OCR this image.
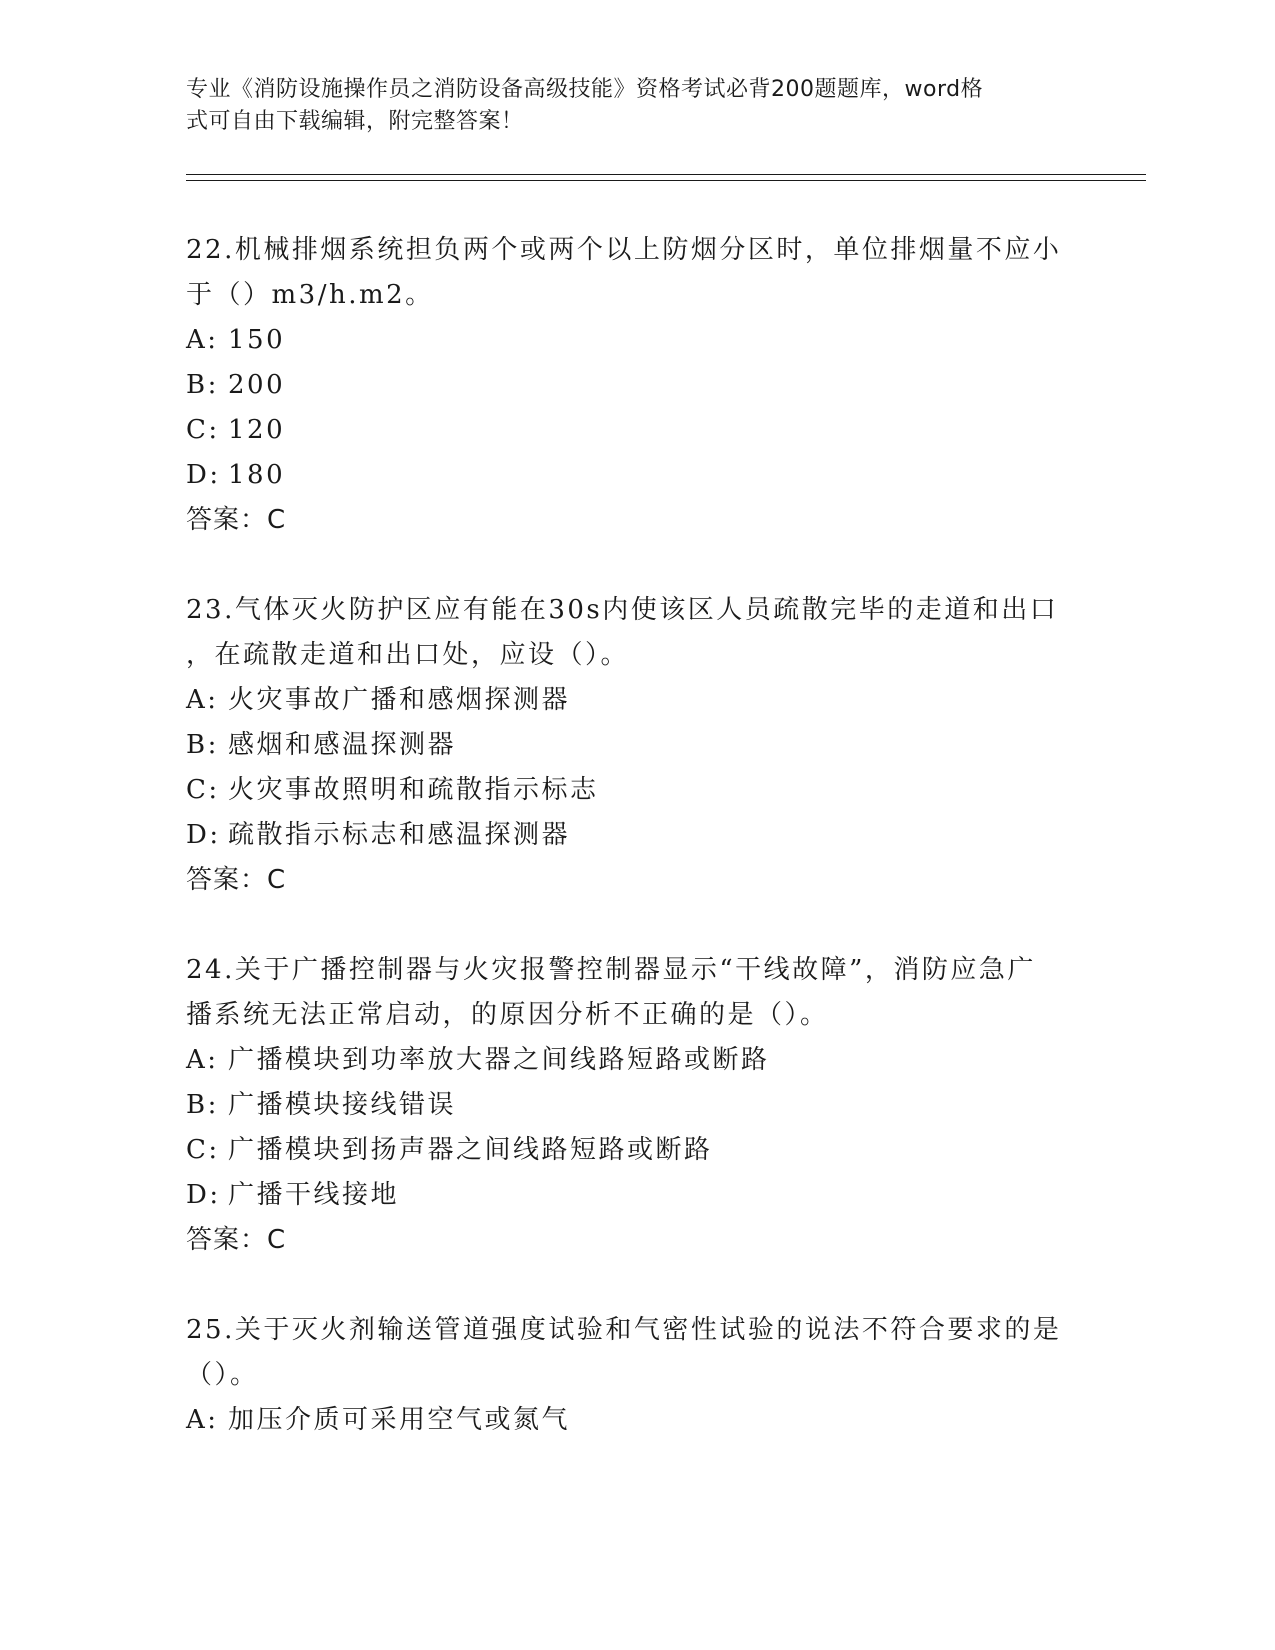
专业《消防设施操作员之消防设备高级技能》资格考试必背200题题库，word格
式可自由下载编辑，附完整答案！
22.机械排烟系统担负两个或两个以上防烟分区时，单位排烟量不应小
于（）m3/h.m2。
A: 150
B: 200
C: 120
D: 180
答案：C
23.气体灭火防护区应有能在30s内使该区人员疏散完毕的走道和出口
，在疏散走道和出口处，应设（）。
A: 火灾事故广播和感烟探测器
B: 感烟和感温探测器
C: 火灾事故照明和疏散指示标志
D: 疏散指示标志和感温探测器
答案：C
24.关于广播控制器与火灾报警控制器显示“干线故障”，消防应急广
播系统无法正常启动，的原因分析不正确的是（）。
A: 广播模块到功率放大器之间线路短路或断路
B: 广播模块接线错误
C: 广播模块到扬声器之间线路短路或断路
D: 广播干线接地
答案：C
25.关于灭火剂输送管道强度试验和气密性试验的说法不符合要求的是
（）。
A: 加压介质可采用空气或氮气
